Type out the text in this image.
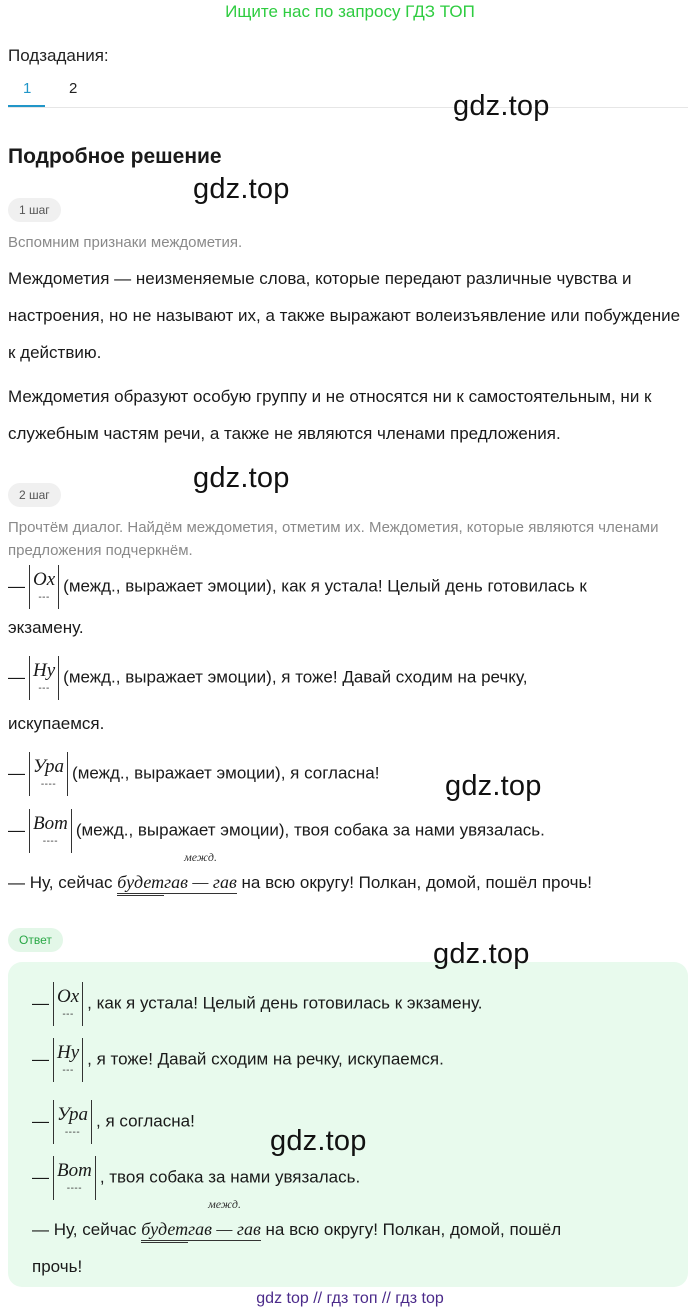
Ищите нас по запросу ГДЗ ТОП
Подзадания:
1	2
gdz.top
Подробное решение
gdz.top
1 шаг
Вспомним признаки междометия.
Междометия — неизменяемые слова, которые передают различные чувства и настроения, но не называют их, а также выражают волеизъявление или побуждение к действию.
Междометия образуют особую группу и не относятся ни к самостоятельным, ни к служебным частям речи, а также не являются членами предложения.
gdz.top
2 шаг
Прочтём диалог. Найдём междометия, отметим их. Междометия, которые являются членами предложения подчеркнём.
— Ох
---
(межд., выражает эмоции), как я устала! Целый день готовилась к
экзамену.
— Ну
---
(межд., выражает эмоции), я тоже! Давай сходим на речку,
искупаемся.
— Ура
----
(межд., выражает эмоции), я согласна! gdz.top
— Вот
----
(межд., выражает эмоции), твоя собака за нами увязалась.
— Ну, сейчас будет
межд.
гав — гав на всю округу! Полкан, домой, пошёл прочь!
Ответ	gdz.top
— Ох
---
, как я устала! Целый день готовилась к экзамену.
— Ну
---
, я тоже! Давай сходим на речку, искупаемся.
— Ура
----
, я согласна!
gdz.top
— Вот
----
, твоя собака за нами увязалась.
— Ну, сейчас будет
межд.
гав — гав на всю округу! Полкан, домой, пошёл
прочь!
gdz top // гдз топ // гдз top
